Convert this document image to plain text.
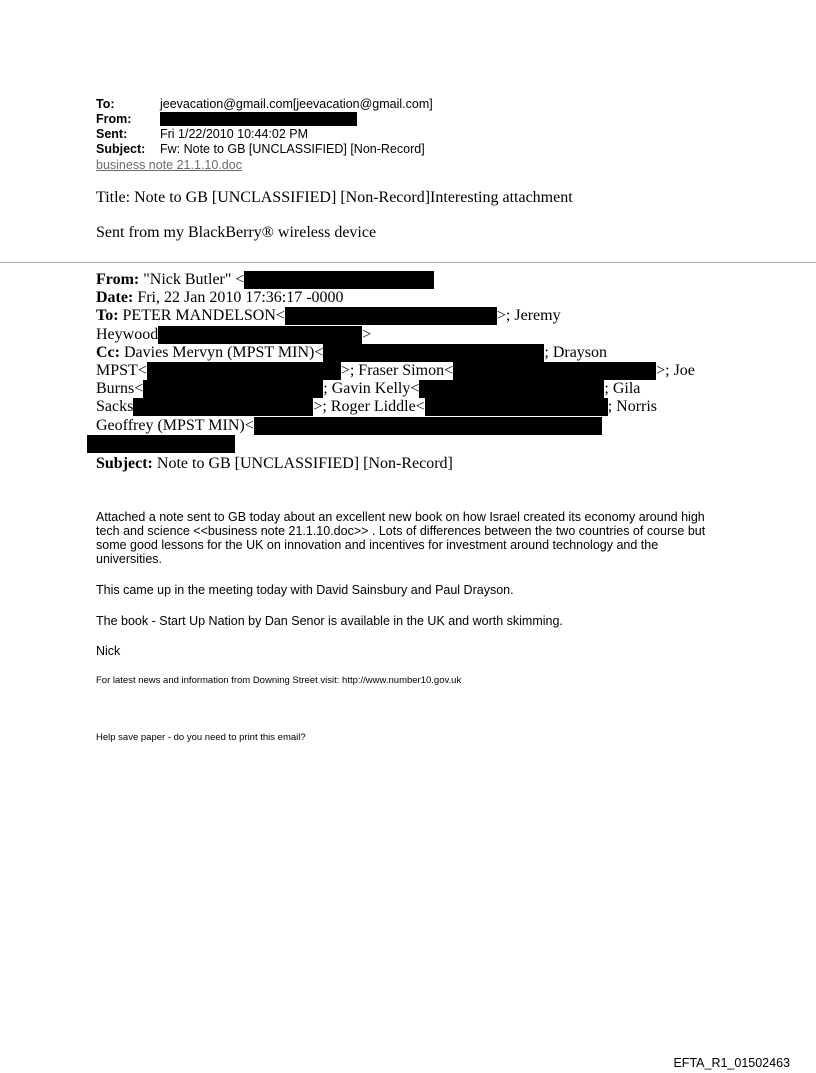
To:	jeevacation@gmail.com[jeevacation@gmail.com]
From:
Sent:	Fri 1/22/2010 10:44:02 PM
Subject:	Fw: Note to GB [UNCLASSIFIED] [Non-Record]
business note 21.1.10.doc
Title: Note to GB [UNCLASSIFIED] [Non-Record]Interesting attachment
Sent from my BlackBerry® wireless device
From: "Nick Butler" <
Date: Fri, 22 Jan 2010 17:36:17 -0000
To: PETER MANDELSON<	>; Jeremy
Heywood	>
Cc: Davies Mervyn (MPST MIN)<	; Drayson
MPST<	>; Fraser Simon<	>; Joe
Burns<	; Gavin Kelly<	; Gila
Sacks	>; Roger Liddle<	; Norris
Geoffrey (MPST MIN)<
Subject: Note to GB [UNCLASSIFIED] [Non-Record]
Attached a note sent to GB today about an excellent new book on how Israel created its economy around high tech and science <<business note 21.1.10.doc>> . Lots of differences between the two countries of course but some good lessons for the UK on innovation and incentives for investment around technology and the universities.
This came up in the meeting today with David Sainsbury and Paul Drayson.
The book - Start Up Nation by Dan Senor is available in the UK and worth skimming.
Nick
For latest news and information from Downing Street visit: http://www.number10.gov.uk
Help save paper - do you need to print this email?
EFTA_R1_01502463
